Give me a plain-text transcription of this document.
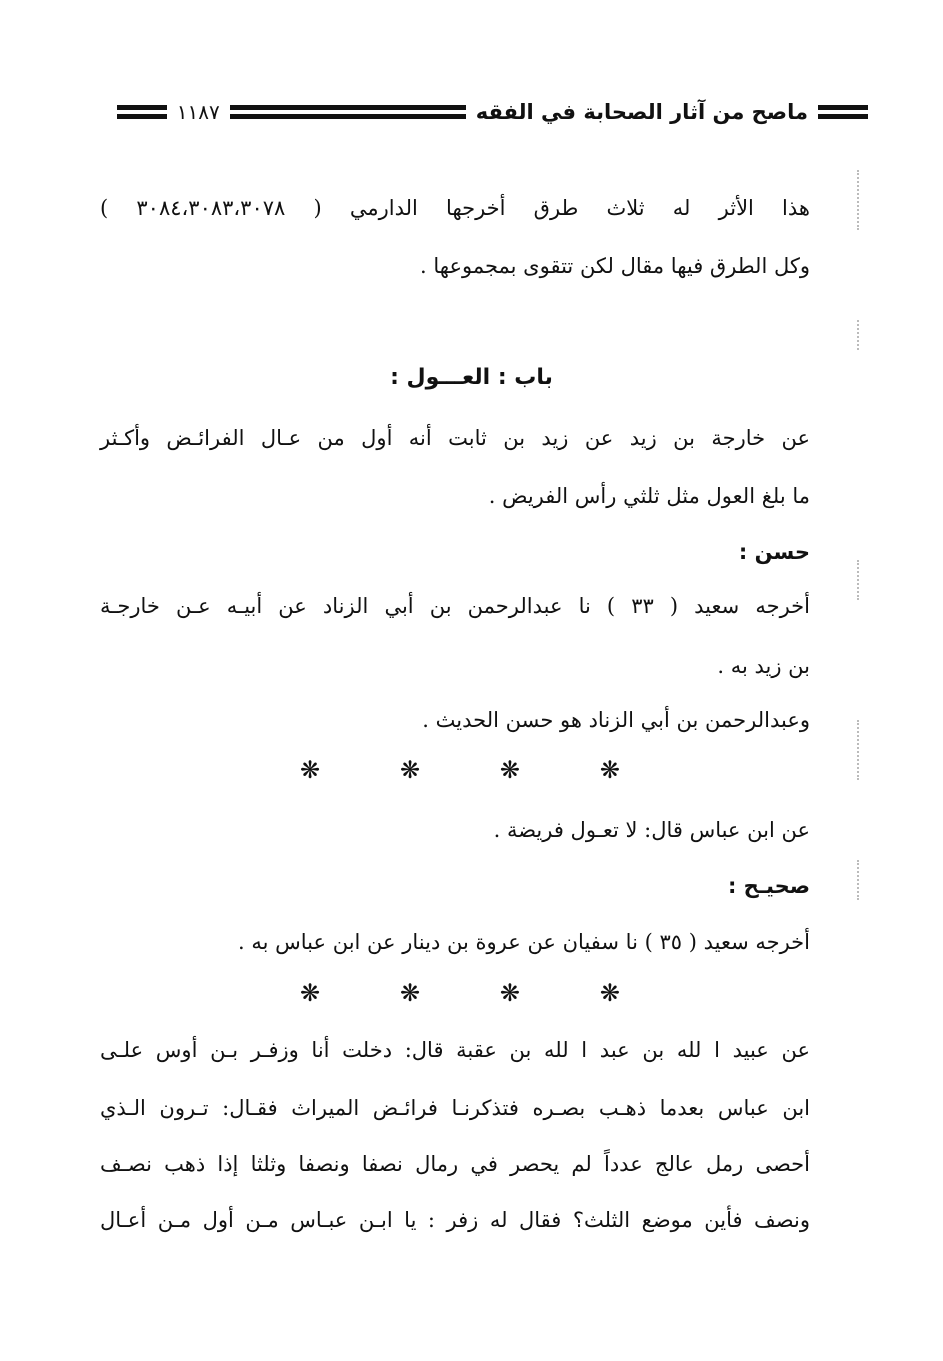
ماصح من آثار الصحابة في الفقه
١١٨٧
هذا الأثر له ثلاث طرق أخرجها الدارمي ( ٣٠٨٤،٣٠٨٣،٣٠٧٨ )
وكل الطرق فيها مقال لكن تتقوى بمجموعها .
باب : العـــول :
عن خارجة بن زيد عن زيد بن ثابت أنه أول من عـال الفرائـض وأكـثر
ما بلغ العول مثل ثلثي رأس الفريض .
حسن :
أخرجه سعيد ( ٣٣ ) نا عبدالرحمن بن أبي الزناد عن أبيـه عـن خارجـة
بن زيد به .
وعبدالرحمن بن أبي الزناد هو حسن الحديث .
❋	❋	❋	❋
عن ابن عباس قال: لا تعـول فريضة .
صحيـح :
أخرجه سعيد ( ٣٥ ) نا سفيان عن عروة بن دينار عن ابن عباس به .
❋	❋	❋	❋
عن عبيد ا لله بن عبد ا لله بن عقبة قال: دخلت أنا وزفـر بـن أوس علـى
ابن عباس بعدما ذهـب بصـره فتذكرنـا فرائـض الميراث فقـال: تـرون الـذي
أحصى رمل عالج عدداً لم يحصر في رمال نصفا ونصفا وثلثا إذا ذهب نصـف
ونصف فأين موضع الثلث؟ فقال له زفر : يا ابـن عبـاس مـن أول مـن أعـال
